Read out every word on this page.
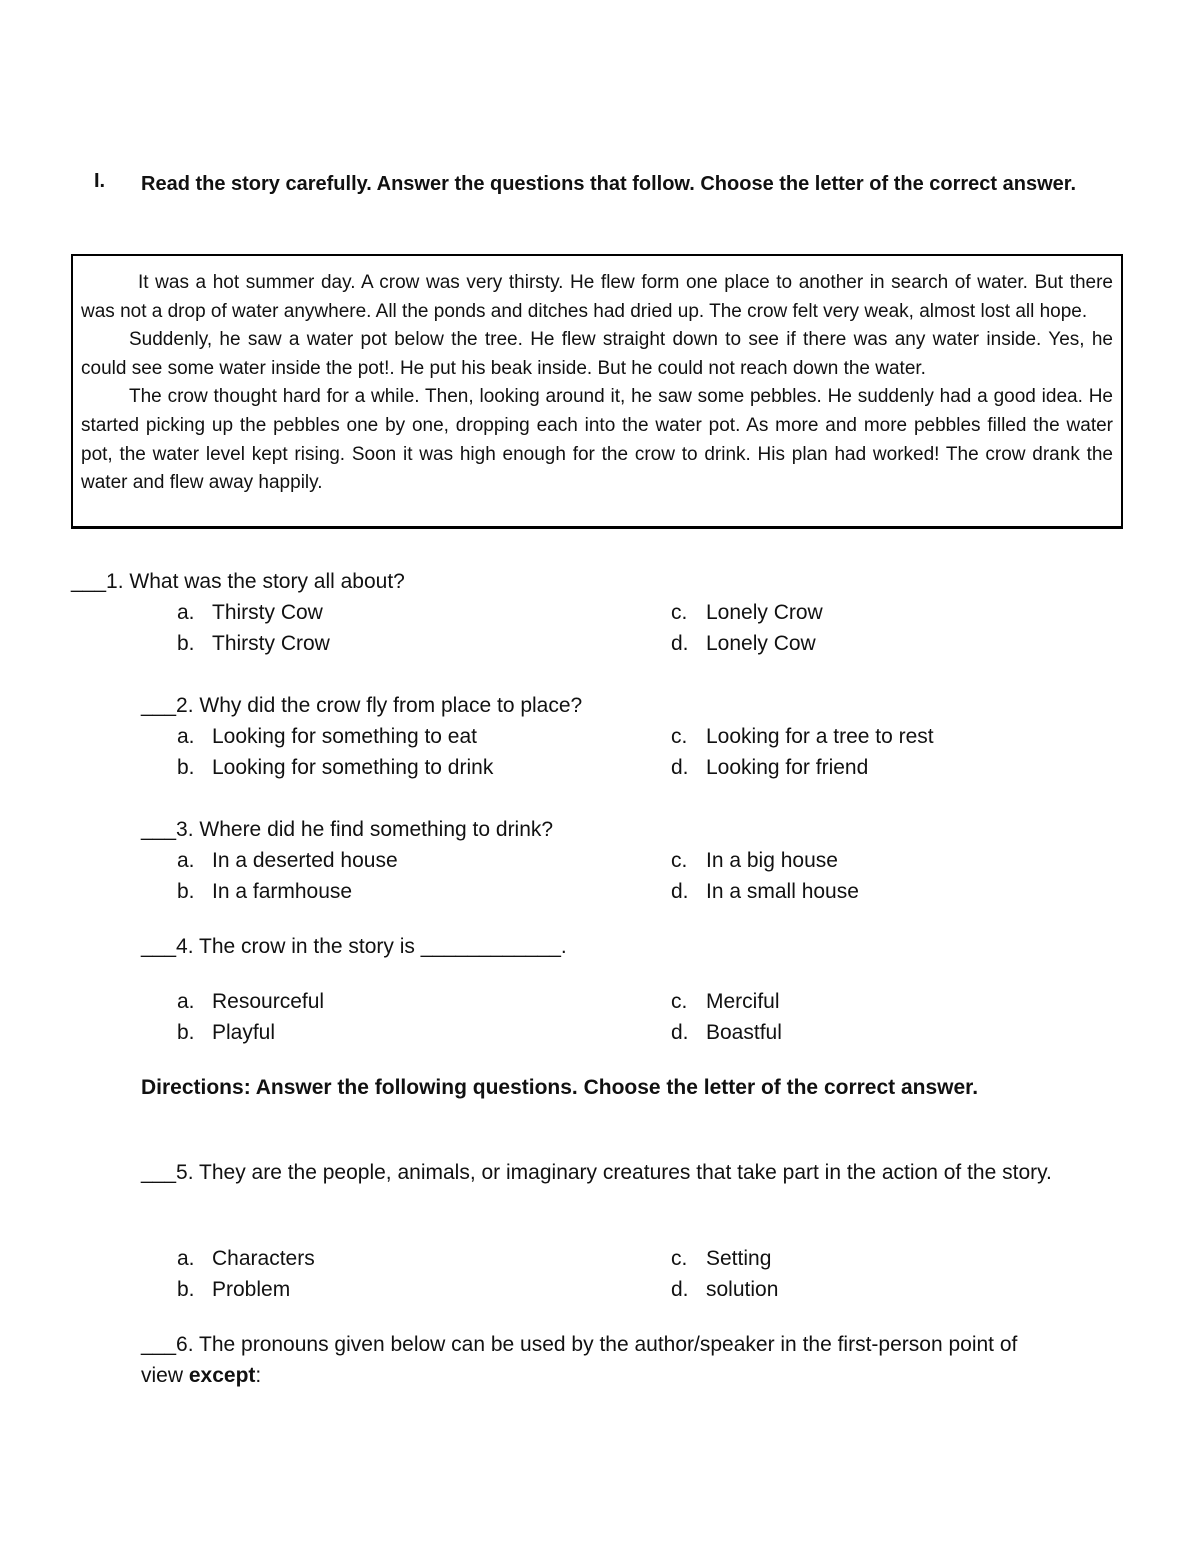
I. Read the story carefully. Answer the questions that follow. Choose the letter of the correct answer.

It was a hot summer day. A crow was very thirsty. He flew form one place to another in search of water. But there was not a drop of water anywhere. All the ponds and ditches had dried up. The crow felt very weak, almost lost all hope.

Suddenly, he saw a water pot below the tree. He flew straight down to see if there was any water inside. Yes, he could see some water inside the pot!. He put his beak inside. But he could not reach down the water.

The crow thought hard for a while. Then, looking around it, he saw some pebbles. He suddenly had a good idea. He started picking up the pebbles one by one, dropping each into the water pot. As more and more pebbles filled the water pot, the water level kept rising. Soon it was high enough for the crow to drink. His plan had worked! The crow drank the water and flew away happily.

___1. What was the story all about?
a. Thirsty Cow
b. Thirsty Crow
c. Lonely Crow
d. Lonely Cow
___2. Why did the crow fly from place to place?
a. Looking for something to eat
b. Looking for something to drink
c. Looking for a tree to rest
d. Looking for friend
___3. Where did he find something to drink?
a. In a deserted house
b. In a farmhouse
c. In a big house
d. In a small house
___4. The crow in the story is ____________.
a. Resourceful
b. Playful
c. Merciful
d. Boastful
Directions: Answer the following questions. Choose the letter of the correct answer.
___5. They are the people, animals, or imaginary creatures that take part in the action of the story.
a. Characters
b. Problem
c. Setting
d. solution
___6. The pronouns given below can be used by the author/speaker in the first-person point of view except:
